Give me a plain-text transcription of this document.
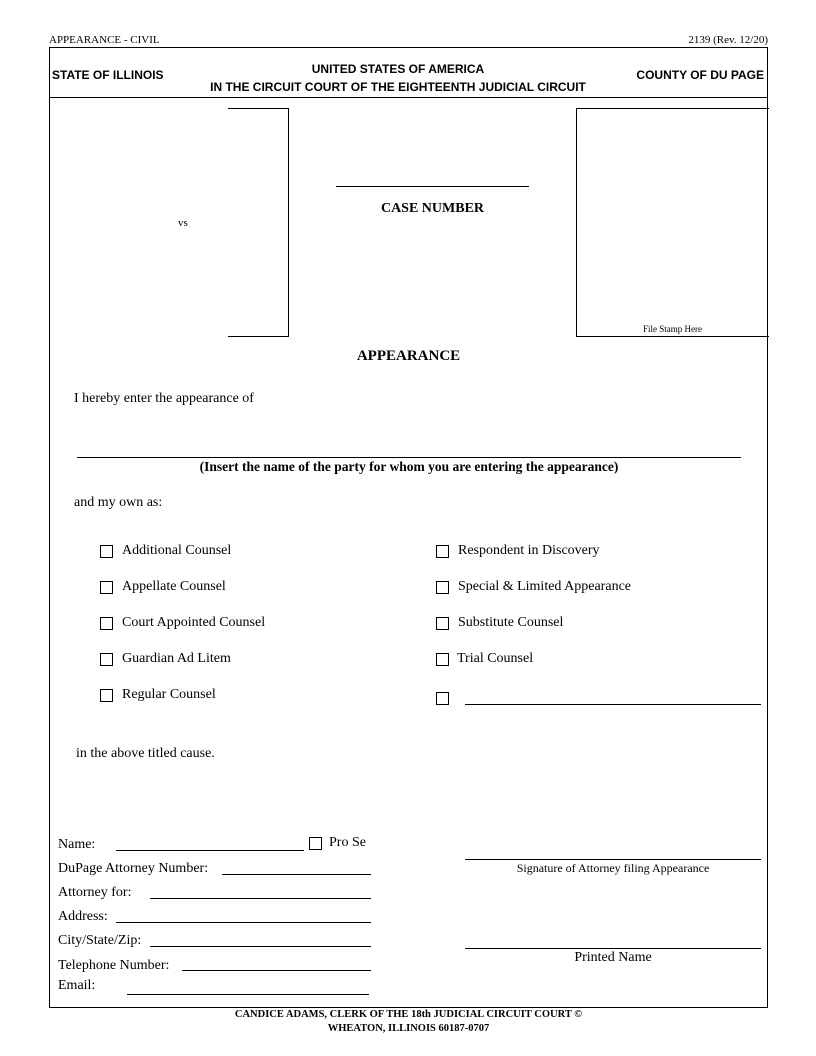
APPEARANCE - CIVIL	2139 (Rev. 12/20)
STATE OF ILLINOIS	UNITED STATES OF AMERICA
IN THE CIRCUIT COURT OF THE EIGHTEENTH JUDICIAL CIRCUIT
COUNTY OF DU PAGE
vs
CASE NUMBER
File Stamp Here
APPEARANCE
I hereby enter the appearance of
(Insert the name of the party for whom you are entering the appearance)
and my own as:
Additional Counsel
Appellate Counsel
Court Appointed Counsel
Guardian Ad Litem
Regular Counsel
Respondent in Discovery
Special & Limited Appearance
Substitute Counsel
Trial Counsel
in the above titled cause.
Name:	Pro Se
DuPage Attorney Number:
Attorney for:
Address:
City/State/Zip:
Telephone Number:
Email:
Signature of Attorney filing Appearance
Printed Name
CANDICE ADAMS, CLERK OF THE 18th JUDICIAL CIRCUIT COURT ©
WHEATON, ILLINOIS 60187-0707
